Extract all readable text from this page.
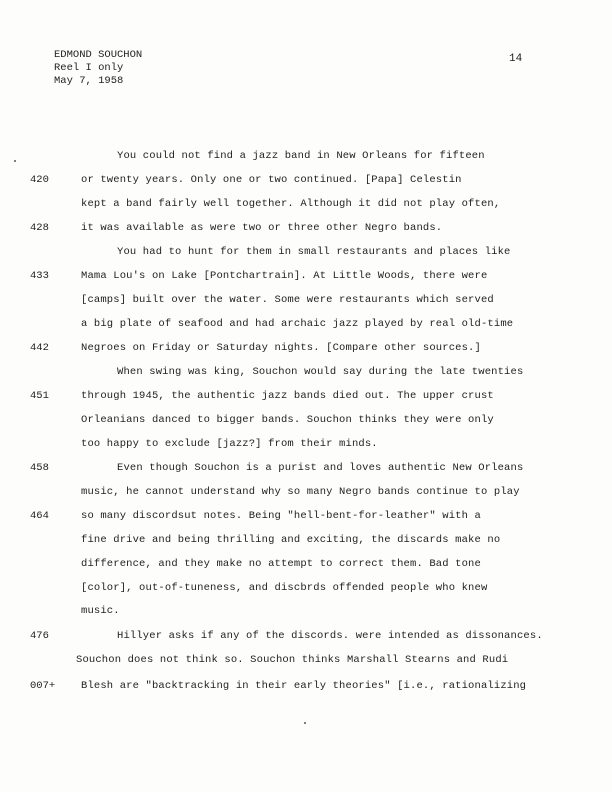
EDMOND SOUCHON
Reel I only
May 7, 1958
14
You could not find a jazz band in New Orleans for fifteen
420	or twenty years. Only one or two continued. [Papa] Celestin
kept a band fairly well together. Although it did not play often,
428	it was available as were two or three other Negro bands.
You had to hunt for them in small restaurants and places like
433	Mama Lou's on Lake [Pontchartrain]. At Little Woods, there were
[camps] built over the water. Some were restaurants which served
a big plate of seafood and had archaic jazz played by real old-time
442	Negroes on Friday or Saturday nights. [Compare other sources.]
When swing was king, Souchon would say during the late twenties
451	through 1945, the authentic jazz bands died out. The upper crust
Orleanians danced to bigger bands. Souchon thinks they were only
too happy to exclude [jazz?] from their minds.
458	Even though Souchon is a purist and loves authentic New Orleans
music, he cannot understand why so many Negro bands continue to play
464	so many discordsut notes. Being "hell-bent-for-leather" with a
fine drive and being thrilling and exciting, the discards make no
difference, and they make no attempt to correct them. Bad tone
[color], out-of-tuneness, and discbrds offended people who knew
music.
476	Hillyer asks if any of the discords. were intended as dissonances.
Souchon does not think so. Souchon thinks Marshall Stearns and Rudi
007+ Blesh are "backtracking in their early theories" [i.e., rationalizing
